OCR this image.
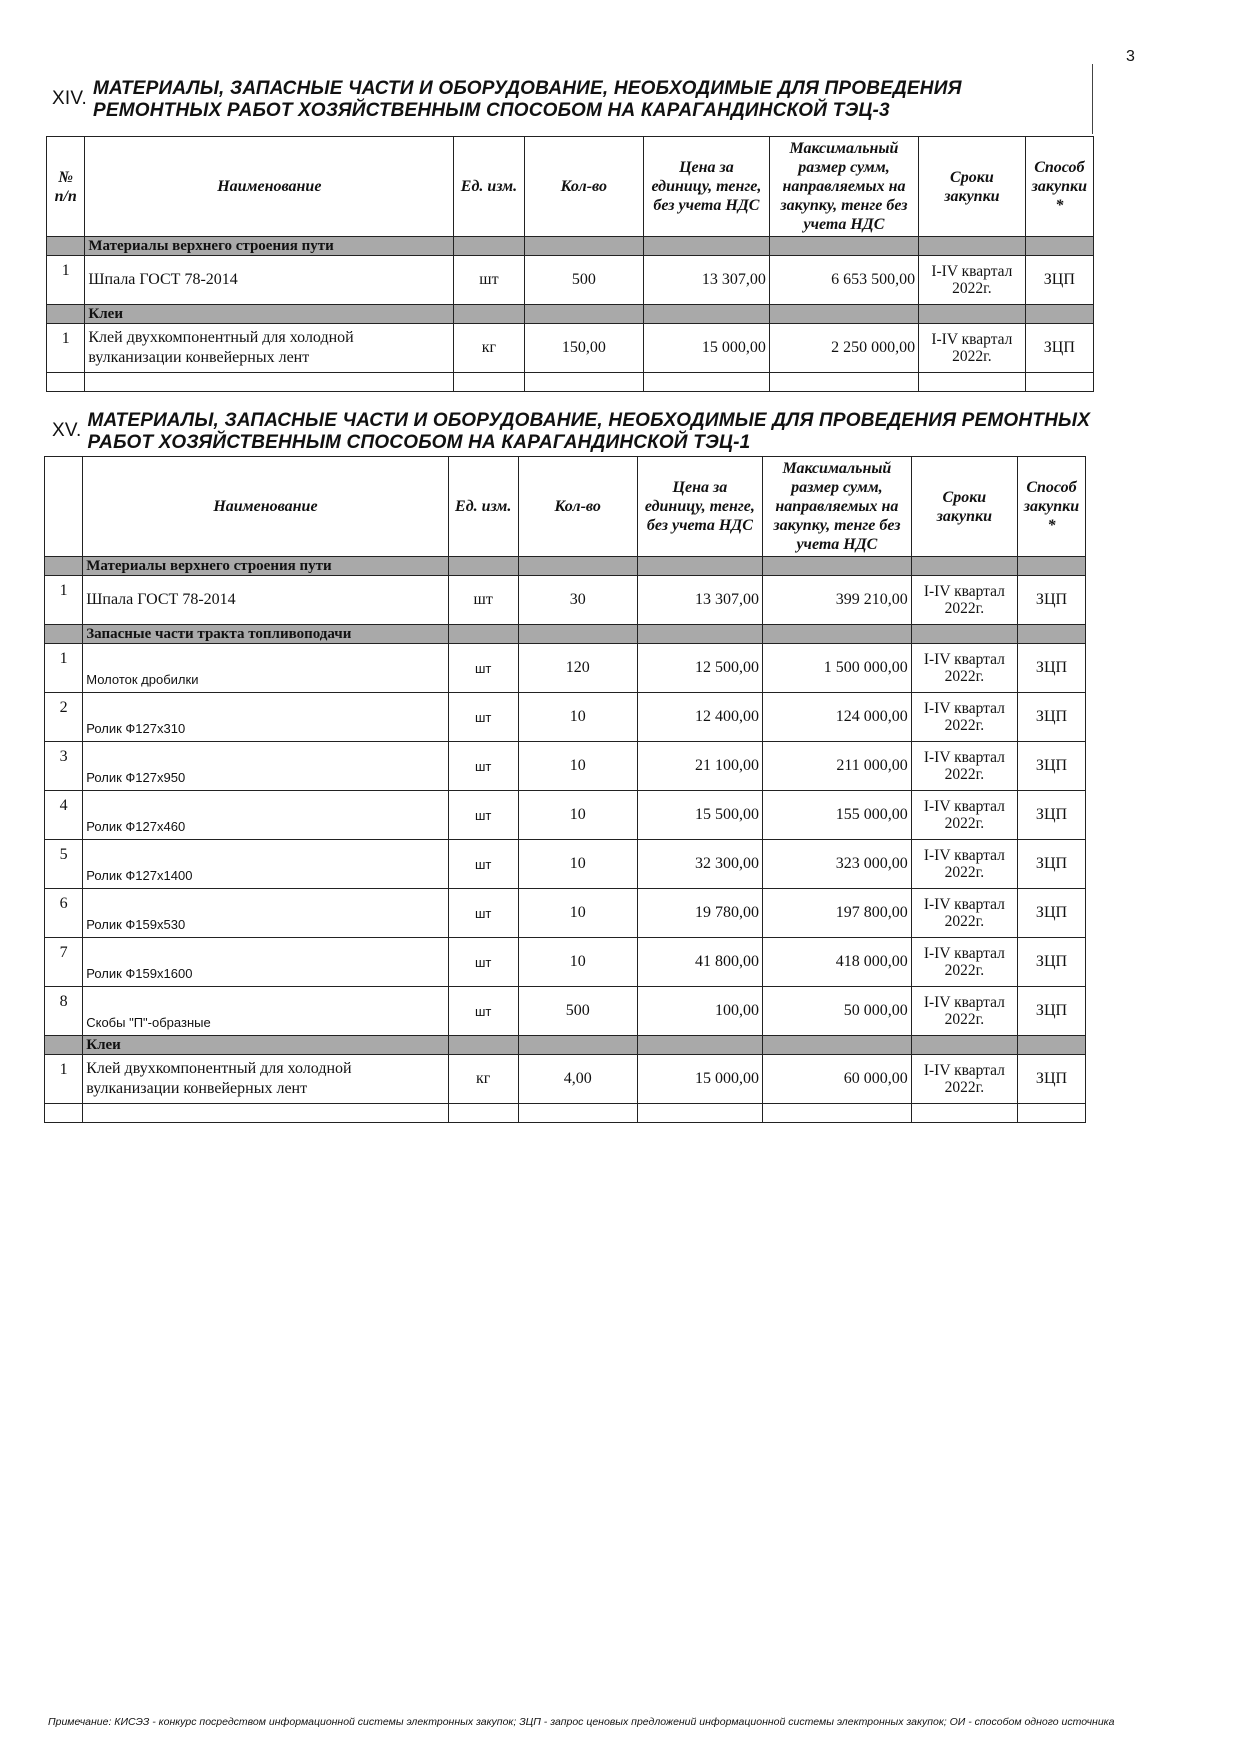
3
XIV. МАТЕРИАЛЫ, ЗАПАСНЫЕ ЧАСТИ И ОБОРУДОВАНИЕ, НЕОБХОДИМЫЕ ДЛЯ ПРОВЕДЕНИЯ РЕМОНТНЫХ РАБОТ ХОЗЯЙСТВЕННЫМ СПОСОБОМ НА КАРАГАНДИНСКОЙ ТЭЦ-3
№ п/п	Наименование	Ед. изм.	Кол-во	Цена за единицу, тенге, без учета НДС	Максимальный размер сумм, направляемых на закупку, тенге без учета НДС	Сроки закупки	Способ закупки *
	Материалы верхнего строения пути						
1	Шпала ГОСТ 78-2014	шт	500	13 307,00	6 653 500,00	I-IV квартал 2022г.	ЗЦП
	Клеи						
1	Клей двухкомпонентный для холодной вулканизации конвейерных лент	кг	150,00	15 000,00	2 250 000,00	I-IV квартал 2022г.	ЗЦП

XV. МАТЕРИАЛЫ, ЗАПАСНЫЕ ЧАСТИ И ОБОРУДОВАНИЕ, НЕОБХОДИМЫЕ ДЛЯ ПРОВЕДЕНИЯ РЕМОНТНЫХ РАБОТ ХОЗЯЙСТВЕННЫМ СПОСОБОМ НА КАРАГАНДИНСКОЙ ТЭЦ-1
	Наименование	Ед. изм.	Кол-во	Цена за единицу, тенге, без учета НДС	Максимальный размер сумм, направляемых на закупку, тенге без учета НДС	Сроки закупки	Способ закупки *
	Материалы верхнего строения пути						
1	Шпала ГОСТ 78-2014	шт	30	13 307,00	399 210,00	I-IV квартал 2022г.	ЗЦП
	Запасные части тракта топливоподачи						
1	Молоток дробилки	шт	120	12 500,00	1 500 000,00	I-IV квартал 2022г.	ЗЦП
2	Ролик Ф127х310	шт	10	12 400,00	124 000,00	I-IV квартал 2022г.	ЗЦП
3	Ролик Ф127х950	шт	10	21 100,00	211 000,00	I-IV квартал 2022г.	ЗЦП
4	Ролик Ф127х460	шт	10	15 500,00	155 000,00	I-IV квартал 2022г.	ЗЦП
5	Ролик Ф127х1400	шт	10	32 300,00	323 000,00	I-IV квартал 2022г.	ЗЦП
6	Ролик Ф159х530	шт	10	19 780,00	197 800,00	I-IV квартал 2022г.	ЗЦП
7	Ролик Ф159х1600	шт	10	41 800,00	418 000,00	I-IV квартал 2022г.	ЗЦП
8	Скобы "П"-образные	шт	500	100,00	50 000,00	I-IV квартал 2022г.	ЗЦП
	Клеи						
1	Клей двухкомпонентный для холодной вулканизации конвейерных лент	кг	4,00	15 000,00	60 000,00	I-IV квартал 2022г.	ЗЦП

Примечание: КИСЭЗ - конкурс посредством информационной системы электронных закупок; ЗЦП - запрос ценовых предложений информационной системы электронных закупок; ОИ - способом одного источника
